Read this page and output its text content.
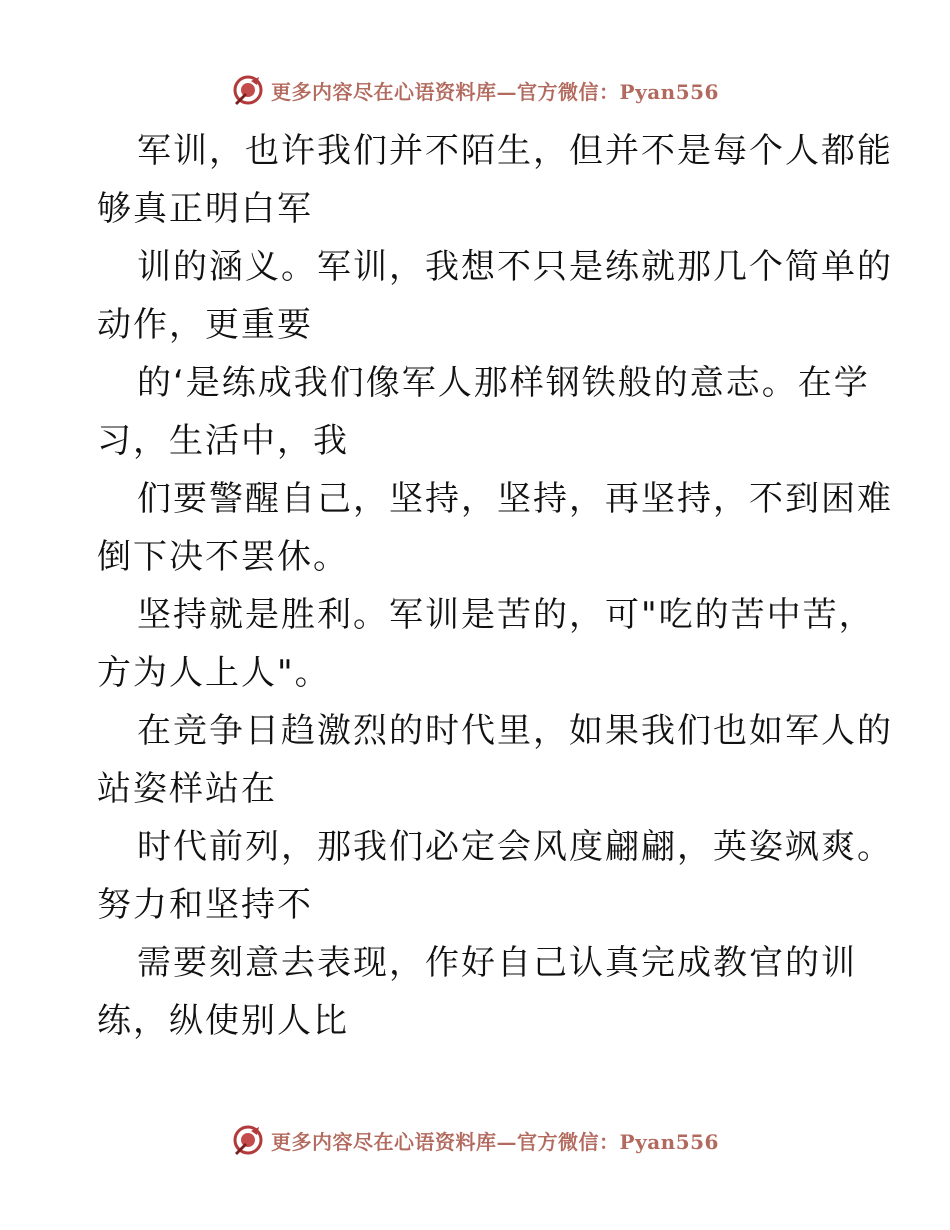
更多内容尽在心语资料库—官方微信：Pyan556

军训，也许我们并不陌生，但并不是每个人都能
够真正明白军

训的涵义。军训，我想不只是练就那几个简单的
动作，更重要

的‘是练成我们像军人那样钢铁般的意志。在学
习，生活中，我

们要警醒自己，坚持，坚持，再坚持，不到困难
倒下决不罢休。

坚持就是胜利。军训是苦的，可"吃的苦中苦，
方为人上人"。

在竞争日趋激烈的时代里，如果我们也如军人的
站姿样站在

时代前列，那我们必定会风度翩翩，英姿飒爽。
努力和坚持不

需要刻意去表现，作好自己认真完成教官的训
练，纵使别人比

更多内容尽在心语资料库—官方微信：Pyan556
